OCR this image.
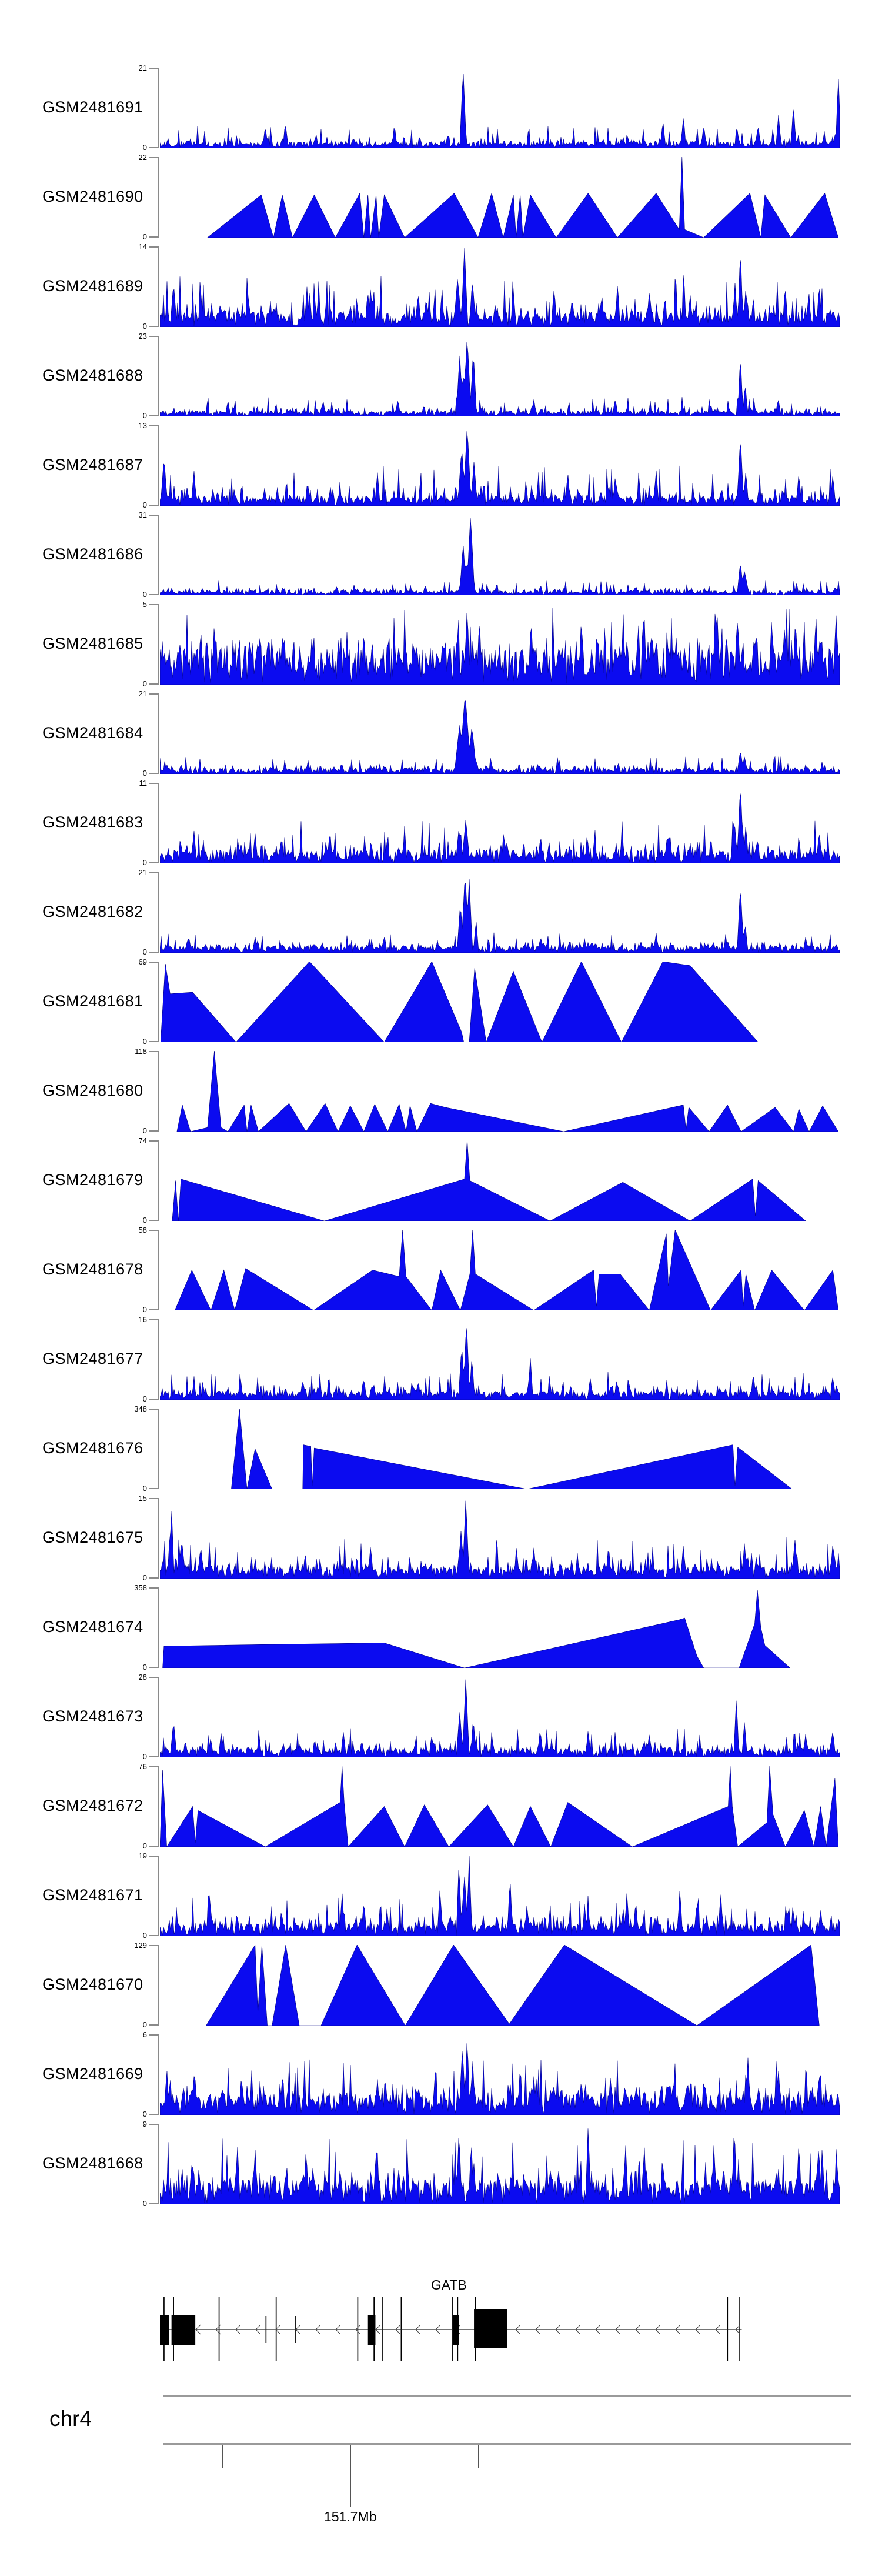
GSM2481691
21
0
GSM2481690
22
0
GSM2481689
14
0
GSM2481688
23
0
GSM2481687
13
0
GSM2481686
31
0
GSM2481685
5
0
GSM2481684
21
0
GSM2481683
11
0
GSM2481682
21
0
GSM2481681
69
0
GSM2481680
118
0
GSM2481679
74
0
GSM2481678
58
0
GSM2481677
16
0
GSM2481676
348
0
GSM2481675
15
0
GSM2481674
358
0
GSM2481673
28
0
GSM2481672
76
0
GSM2481671
19
0
GSM2481670
129
0
GSM2481669
6
0
GSM2481668
9
0
GATB
chr4
151.7Mb
